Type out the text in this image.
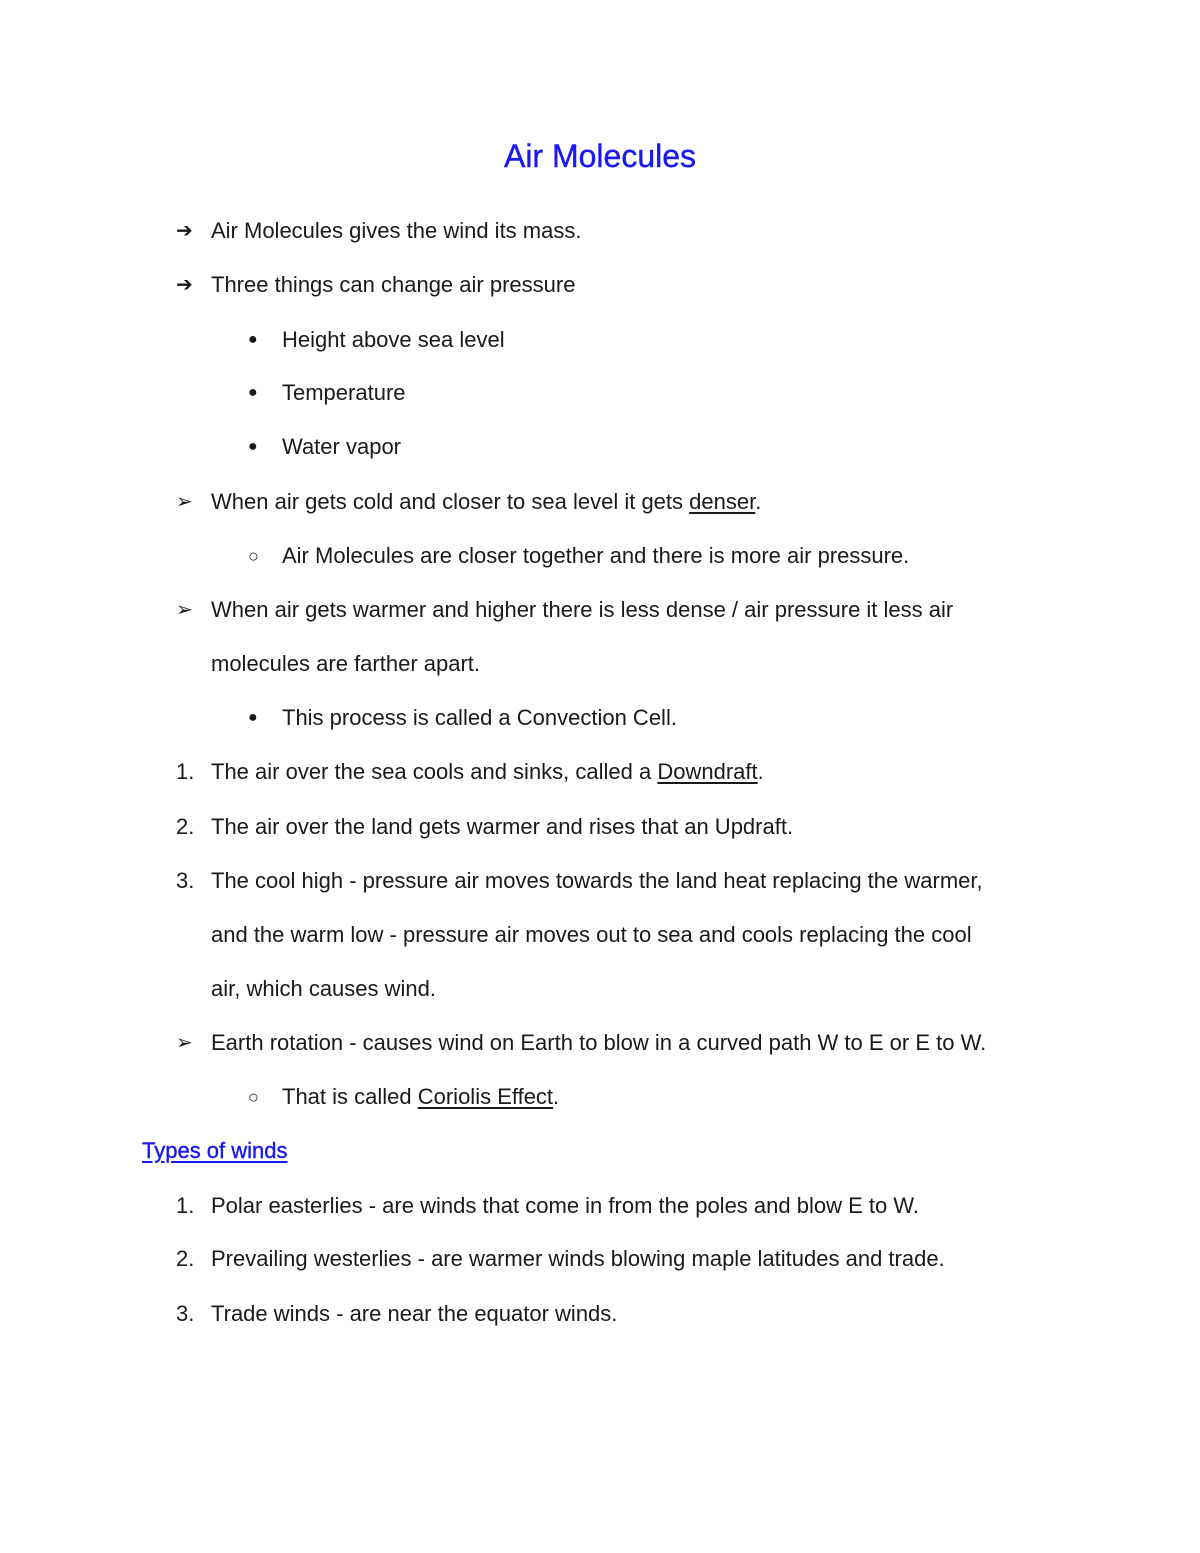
Air Molecules
➔ Air Molecules gives the wind its mass.
➔ Three things can change air pressure
● Height above sea level
● Temperature
● Water vapor
➢ When air gets cold and closer to sea level it gets denser.
○ Air Molecules are closer together and there is more air pressure.
➢ When air gets warmer and higher there is less dense / air pressure it less air
molecules are farther apart.
● This process is called a Convection Cell.
1. The air over the sea cools and sinks, called a Downdraft.
2. The air over the land gets warmer and rises that an Updraft.
3. The cool high - pressure air moves towards the land heat replacing the warmer,
and the warm low - pressure air moves out to sea and cools replacing the cool
air, which causes wind.
➢ Earth rotation - causes wind on Earth to blow in a curved path W to E or E to W.
○ That is called Coriolis Effect.
Types of winds
1. Polar easterlies - are winds that come in from the poles and blow E to W.
2. Prevailing westerlies - are warmer winds blowing maple latitudes and trade.
3. Trade winds - are near the equator winds.
